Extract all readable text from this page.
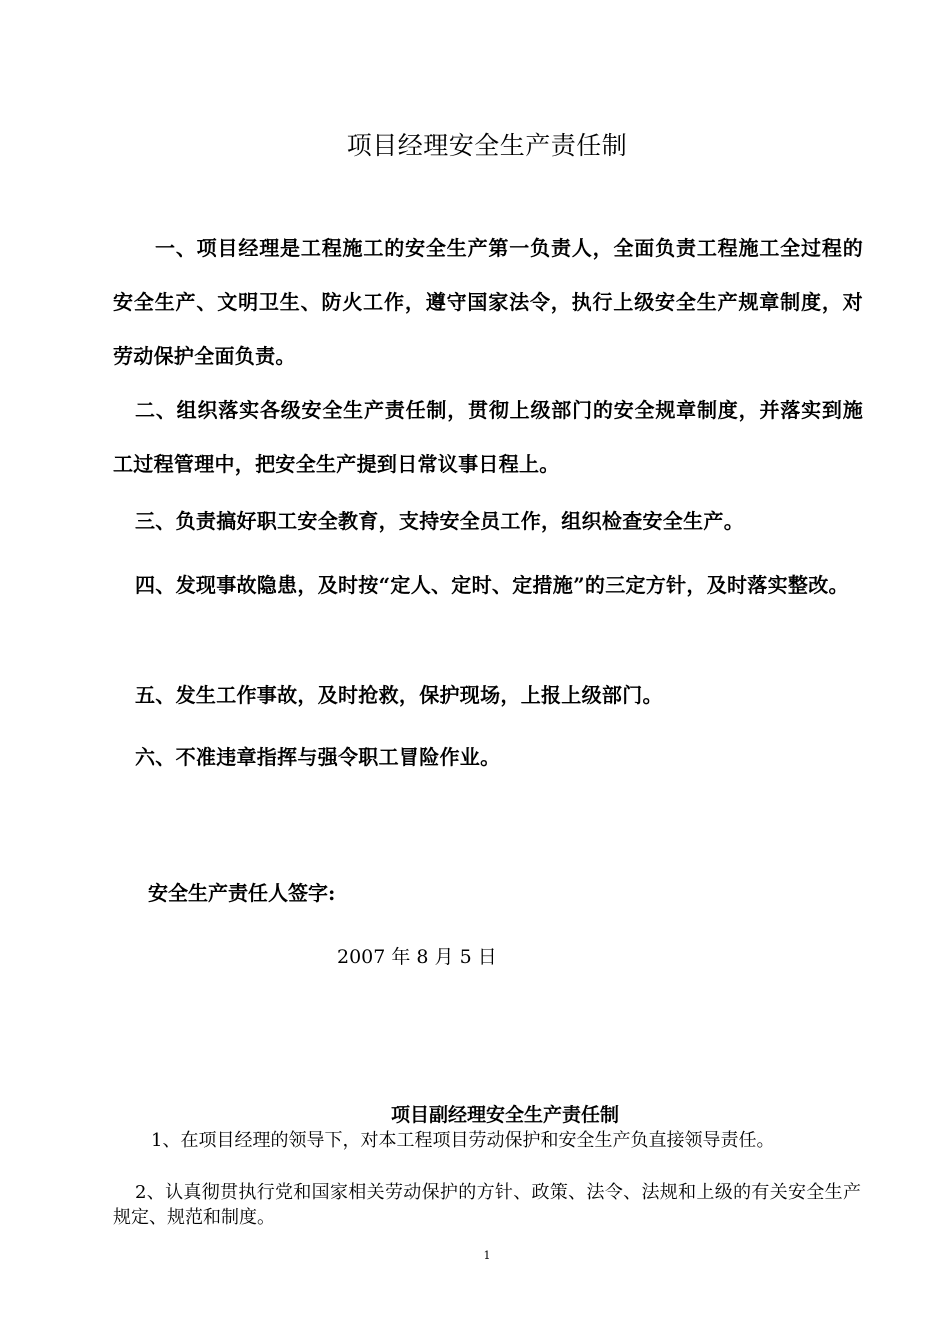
项目经理安全生产责任制
一、项目经理是工程施工的安全生产第一负责人，全面负责工程施工全过程的安全生产、文明卫生、防火工作，遵守国家法令，执行上级安全生产规章制度，对劳动保护全面负责。
二、组织落实各级安全生产责任制，贯彻上级部门的安全规章制度，并落实到施工过程管理中，把安全生产提到日常议事日程上。
三、负责搞好职工安全教育，支持安全员工作，组织检查安全生产。
四、发现事故隐患，及时按“定人、定时、定措施”的三定方针，及时落实整改。
五、发生工作事故，及时抢救，保护现场，上报上级部门。
六、不准违章指挥与强令职工冒险作业。
安全生产责任人签字:
2007 年 8 月 5 日
项目副经理安全生产责任制
1、在项目经理的领导下，对本工程项目劳动保护和安全生产负直接领导责任。
2、认真彻贯执行党和国家相关劳动保护的方针、政策、法令、法规和上级的有关安全生产规定、规范和制度。
1
